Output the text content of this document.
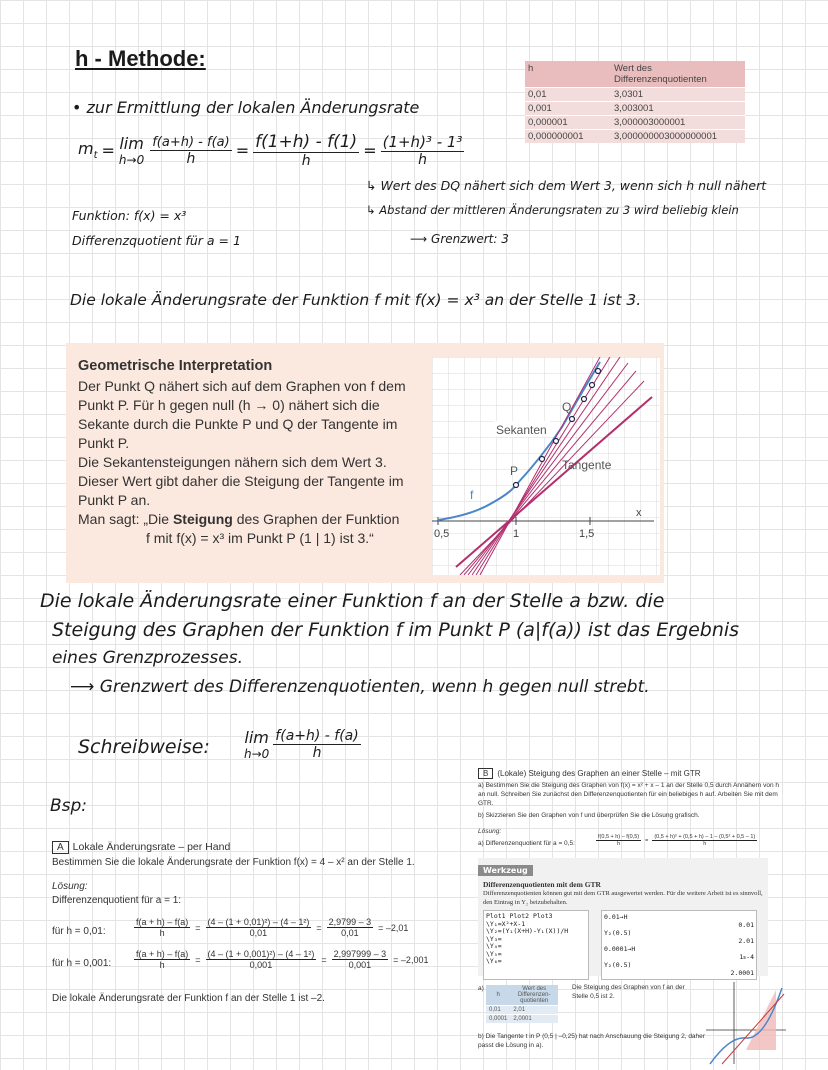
h - Methode:
• zur Ermittlung der lokalen Änderungsrate
$m_t = \lim$
$h\to 0 \frac{f(a+h) - f(a)}{h} = \frac{f(1+h) - f(1)}{h} = \frac{\text{(1+h)³ - 1³}}{h}$
h	Wert des Differenzenquotienten
0,01	3,0301
0,001	3,003001
0,000001	3,000003000001
0,000000001	3,000000003000000001
↳ Wert des DQ nähert sich dem Wert 3, wenn sich h null nähert
↳ Abstand der mittleren Änderungsraten zu 3 wird beliebig klein
⟶ Grenzwert: 3
Funktion: f(x) = x³
Differenzquotient für a = 1
Die lokale Änderungsrate der Funktion f mit f(x) = x³ an der Stelle 1 ist 3.
Geometrische Interpretation

Der Punkt Q nähert sich auf dem Graphen von f dem Punkt P. Für h gegen null (h → 0) nähert sich die Sekante durch die Punkte P und Q der Tangente im Punkt P.

Die Sekantensteigungen nähern sich dem Wert 3. Dieser Wert gibt daher die Steigung der Tangente im Punkt P an.

Man sagt: „Die Steigung des Graphen der Funktion

f mit f(x) = x³ im Punkt P (1 | 1) ist 3.“	0,5	1	1,5
x
Sekanten
Tangente
Q
P
f
Die lokale Änderungsrate einer Funktion f an der Stelle a bzw. die
Steigung des Graphen der Funktion f im Punkt P (a|f(a)) ist das Ergebnis
eines Grenzprozesses.
⟶ Grenzwert des Differenzenquotienten, wenn h gegen null strebt.
Schreibweise: lim
$h\to 0 \frac{f(a+h) - f(a)}{h}$
Bsp:
A Lokale Änderungsrate – per Hand
Bestimmen Sie die lokale Änderungsrate der Funktion f(x) = 4 – x² an der Stelle 1.
Lösung:
Differenzenquotient für a = 1:
für h = 0,01:	$\frac{f(a + h) - f(a)}{h} = \frac{\text{(4 – (1 + 0,01)²) – (4 – 1²)}}{0,01} = \frac{2,9799 - 3}{0,01} = -2,01$
für h = 0,001:	$\frac{f(a + h) - f(a)}{h} = \frac{\text{(4 – (1 + 0,001)²) – (4 – 1²)}}{0,001} = \frac{2,997999 - 3}{0,001} = -2,001$
Die lokale Änderungsrate der Funktion f an der Stelle 1 ist –2.
B (Lokale) Steigung des Graphen an einer Stelle – mit GTR
a) Bestimmen Sie die Steigung des Graphen von f(x) = x² + x – 1 an der Stelle 0,5 durch Annähern von h an null. Schreiben Sie zunächst den Differenzenquotienten für ein beliebiges h auf. Arbeiten Sie mit dem GTR.
b) Skizzieren Sie den Graphen von f und überprüfen Sie die Lösung grafisch.
Lösung:
a) Differenzenquotient für a = 0,5:	$\frac{f(0,5 + h) - f(0,5)}{h} = \frac{\text{(0,5 + h)² + (0,5 + h) – 1 – (0,5² + 0,5 – 1)}}{h}$
Werkzeug
Differenzenquotienten mit dem GTR
Differenzenquotienten können gut mit dem GTR ausgewertet werden. Für die weitere Arbeit ist es sinnvoll, den Eintrag in Y₂ beizubehalten.
Plot1 Plot2 Plot3
\Y₁=X²+X-1
\Y₂=(Y₁(X+H)-Y₁(X))/H
\Y₃=
\Y₄=
\Y₅=
\Y₆=
0.01→H
0.01
Y₂(0.5)
2.01
0.0001→H
1ᴇ-4
Y₂(0.5)
2.0001
a)
h	Wert des Differenzen-quotienten
0,01	2,01
0,0001	2,0001
Die Steigung des Graphen von f an der Stelle 0,5 ist 2.
b) Die Tangente t in P (0,5 | –0,25) hat nach Anschauung die Steigung 2, daher passt die Lösung in a).
